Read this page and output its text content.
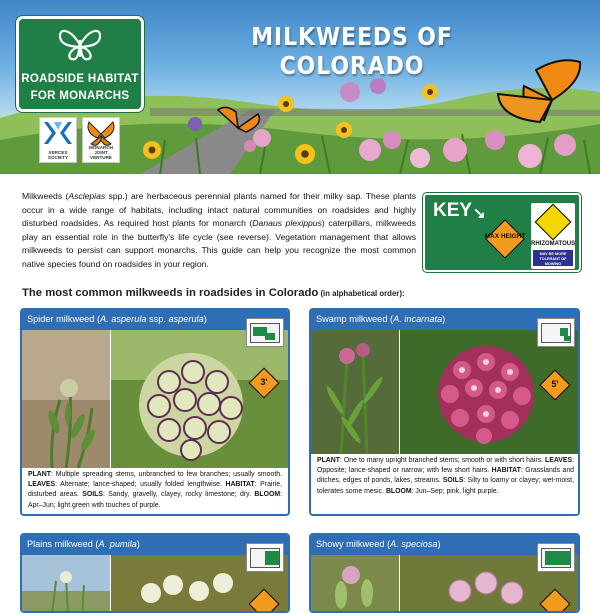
MILKWEEDS OF COLORADO
ROADSIDE HABITAT
FOR MONARCHS
XERCES SOCIETY
MONARCH JOINT VENTURE

Milkweeds (Asclepias spp.) are herbaceous perennial plants named for their milky sap. These plants occur in a wide range of habitats, including intact natural communities on roadsides and highly disturbed roadsides. As required host plants for monarch (Danaus plexippus) caterpillars, milkweeds play an essential role in the butterfly's life cycle (see reverse). Vegetation management that allows milkweeds to persist can support monarchs. This guide can help you recognize the most common native species found on roadsides in your region.

KEY ↘
MAX HEIGHT
RHIZOMATOUS
MAY BE MORE TOLERANT OF MOWING
The most common milkweeds in roadsides in Colorado (in alphabetical order):
Spider milkweed (A. asperula ssp. asperula)
3'

PLANT: Multiple spreading stems, unbranched to few branches; usually smooth. LEAVES: Alternate; lance-shaped; usually folded lengthwise. HABITAT: Prairie, disturbed areas. SOILS: Sandy, gravelly, clayey, rocky limestone; dry. BLOOM: Apr–Jun; light green with touches of purple.

Swamp milkweed (A. incarnata)
5'

PLANT: One to many upright branched stems; smooth or with short hairs. LEAVES: Opposite; lance-shaped or narrow; with few short hairs. HABITAT: Grasslands and ditches, edges of ponds, lakes, streams. SOILS: Silty to loamy or clayey; wet-moist, tolerates some mesic. BLOOM: Jun–Sep; pink, light purple.

Plains milkweed (A. pumila)	Showy milkweed (A. speciosa)
